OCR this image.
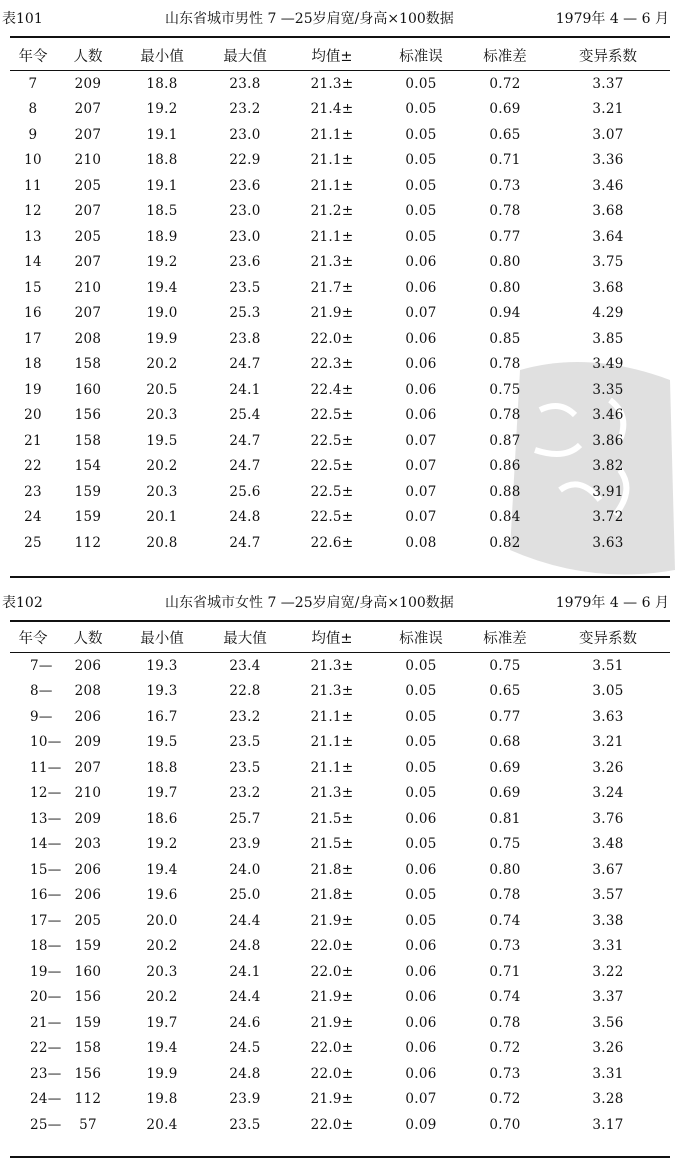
表101	山东省城市男性 7 —25岁肩宽/身高×100数据	1979年 4 — 6 月
年令	人数	最小值	最大值	均值±	标准误	标准差	变异系数
7	209	18.8	23.8	21.3±	0.05	0.72	3.37
8	207	19.2	23.2	21.4±	0.05	0.69	3.21
9	207	19.1	23.0	21.1±	0.05	0.65	3.07
10	210	18.8	22.9	21.1±	0.05	0.71	3.36
11	205	19.1	23.6	21.1±	0.05	0.73	3.46
12	207	18.5	23.0	21.2±	0.05	0.78	3.68
13	205	18.9	23.0	21.1±	0.05	0.77	3.64
14	207	19.2	23.6	21.3±	0.06	0.80	3.75
15	210	19.4	23.5	21.7±	0.06	0.80	3.68
16	207	19.0	25.3	21.9±	0.07	0.94	4.29
17	208	19.9	23.8	22.0±	0.06	0.85	3.85
18	158	20.2	24.7	22.3±	0.06	0.78	3.49
19	160	20.5	24.1	22.4±	0.06	0.75	3.35
20	156	20.3	25.4	22.5±	0.06	0.78	3.46
21	158	19.5	24.7	22.5±	0.07	0.87	3.86
22	154	20.2	24.7	22.5±	0.07	0.86	3.82
23	159	20.3	25.6	22.5±	0.07	0.88	3.91
24	159	20.1	24.8	22.5±	0.07	0.84	3.72
25	112	20.8	24.7	22.6±	0.08	0.82	3.63
表102	山东省城市女性 7 —25岁肩宽/身高×100数据	1979年 4 — 6 月
年令	人数	最小值	最大值	均值±	标准误	标准差	变异系数
7—	206	19.3	23.4	21.3±	0.05	0.75	3.51
8—	208	19.3	22.8	21.3±	0.05	0.65	3.05
9—	206	16.7	23.2	21.1±	0.05	0.77	3.63
10—	209	19.5	23.5	21.1±	0.05	0.68	3.21
11—	207	18.8	23.5	21.1±	0.05	0.69	3.26
12—	210	19.7	23.2	21.3±	0.05	0.69	3.24
13—	209	18.6	25.7	21.5±	0.06	0.81	3.76
14—	203	19.2	23.9	21.5±	0.05	0.75	3.48
15—	206	19.4	24.0	21.8±	0.06	0.80	3.67
16—	206	19.6	25.0	21.8±	0.05	0.78	3.57
17—	205	20.0	24.4	21.9±	0.05	0.74	3.38
18—	159	20.2	24.8	22.0±	0.06	0.73	3.31
19—	160	20.3	24.1	22.0±	0.06	0.71	3.22
20—	156	20.2	24.4	21.9±	0.06	0.74	3.37
21—	159	19.7	24.6	21.9±	0.06	0.78	3.56
22—	158	19.4	24.5	22.0±	0.06	0.72	3.26
23—	156	19.9	24.8	22.0±	0.06	0.73	3.31
24—	112	19.8	23.9	21.9±	0.07	0.72	3.28
25—	57	20.4	23.5	22.0±	0.09	0.70	3.17
